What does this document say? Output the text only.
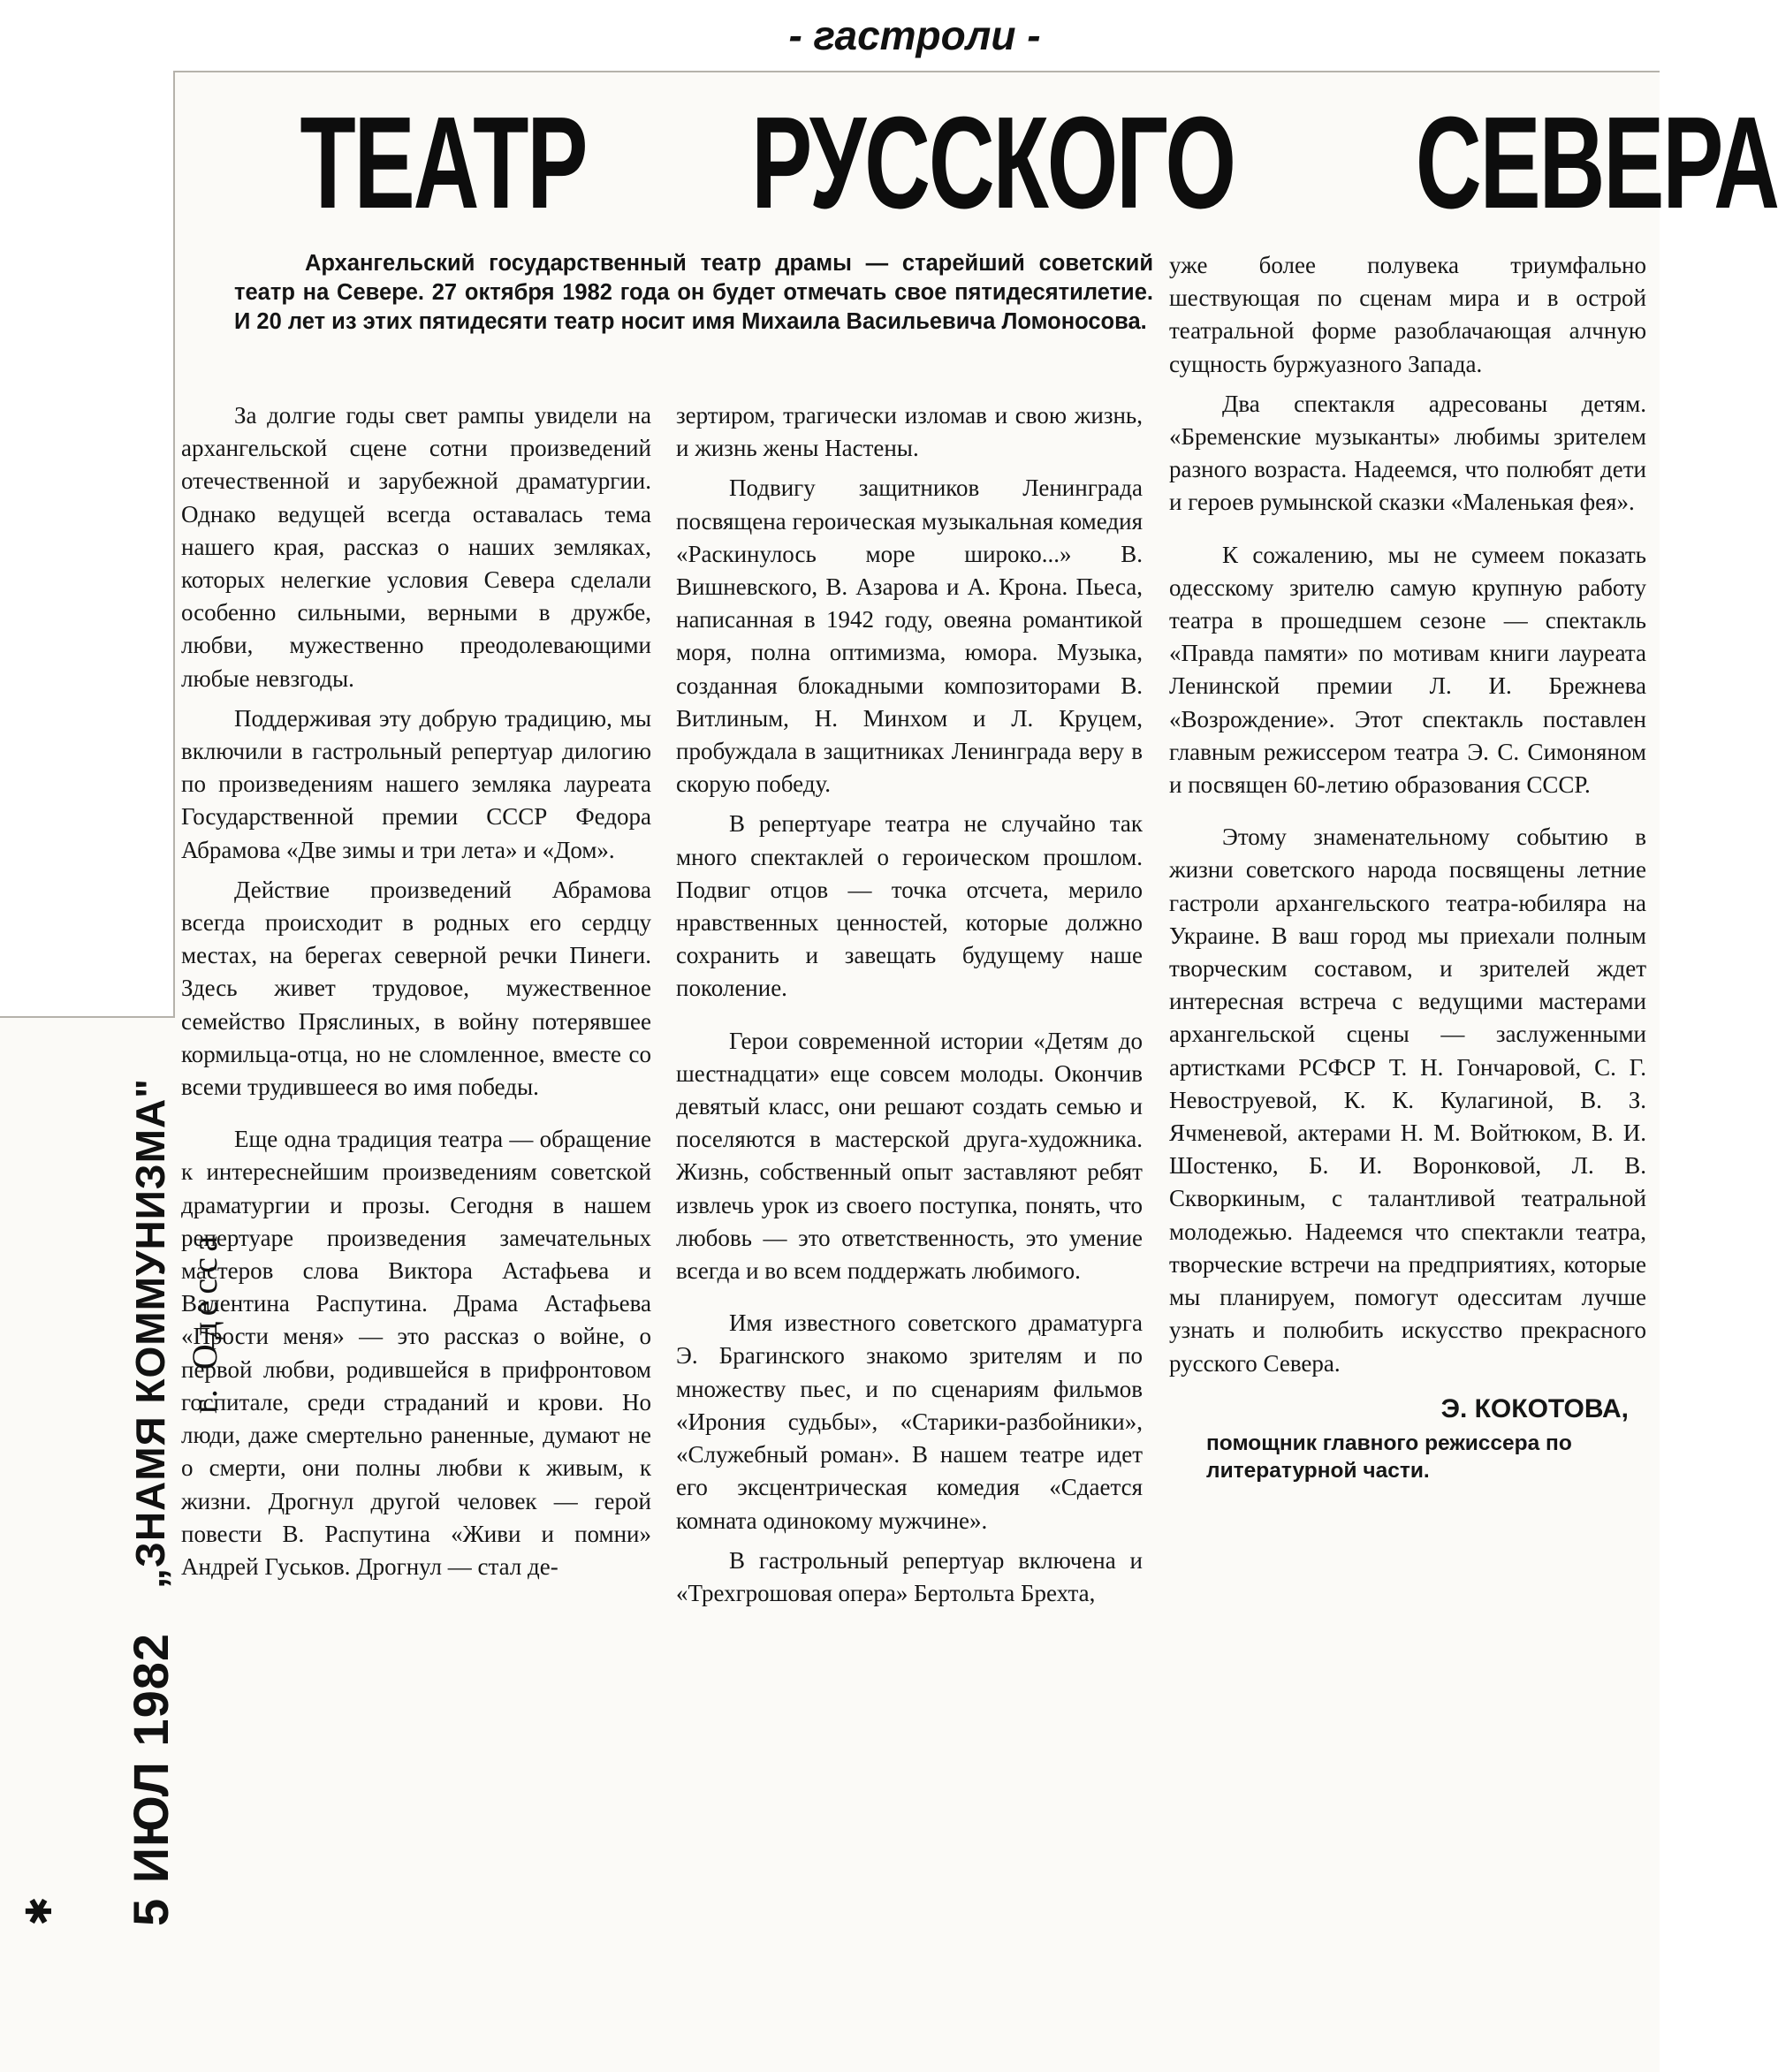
- гастроли -
ТЕАТР РУССКОГО СЕВЕРА
Архангельский государственный театр драмы — старейший советский театр на Севере. 27 октября 1982 года он будет отмечать свое пятидесятилетие. И 20 лет из этих пятидесяти театр носит имя Михаила Васильевича Ломоносова.

За долгие годы свет рампы увидели на архангельской сцене сотни произведений отечественной и зарубежной драматургии. Однако ведущей всегда оставалась тема нашего края, рассказ о наших земляках, которых нелегкие условия Севера сделали особенно сильными, верными в дружбе, любви, мужественно преодолевающими любые невзгоды.

Поддерживая эту добрую традицию, мы включили в гастрольный репертуар дилогию по произведениям нашего земляка лауреата Государственной премии СССР Федора Абрамова «Две зимы и три лета» и «Дом».

Действие произведений Абрамова всегда происходит в родных его сердцу местах, на берегах северной речки Пинеги. Здесь живет трудовое, мужественное семейство Пряслиных, в войну потерявшее кормильца-отца, но не сломленное, вместе со всеми трудившееся во имя победы.

Еще одна традиция театра — обращение к интереснейшим произведениям советской драматургии и прозы. Сегодня в нашем репертуаре произведения замечательных мастеров слова Виктора Астафьева и Валентина Распутина. Драма Астафьева «Прости меня» — это рассказ о войне, о первой любви, родившейся в прифронтовом госпитале, среди страданий и крови. Но люди, даже смертельно раненные, думают не о смерти, они полны любви к живым, к жизни. Дрогнул другой человек — герой повести В. Распутина «Живи и помни» Андрей Гуськов. Дрогнул — стал де-

зертиром, трагически изломав и свою жизнь, и жизнь жены Настены.

Подвигу защитников Ленинграда посвящена героическая музыкальная комедия «Раскинулось море широко...» В. Вишневского, В. Азарова и А. Крона. Пьеса, написанная в 1942 году, овеяна романтикой моря, полна оптимизма, юмора. Музыка, созданная блокадными композиторами В. Витлиным, Н. Минхом и Л. Круцем, пробуждала в защитниках Ленинграда веру в скорую победу.

В репертуаре театра не случайно так много спектаклей о героическом прошлом. Подвиг отцов — точка отсчета, мерило нравственных ценностей, которые должно сохранить и завещать будущему наше поколение.

Герои современной истории «Детям до шестнадцати» еще совсем молоды. Окончив девятый класс, они решают создать семью и поселяются в мастерской друга-художника. Жизнь, собственный опыт заставляют ребят извлечь урок из своего поступка, понять, что любовь — это ответственность, это умение всегда и во всем поддержать любимого.

Имя известного советского драматурга Э. Брагинского знакомо зрителям и по множеству пьес, и по сценариям фильмов «Ирония судьбы», «Старики-разбойники», «Служебный роман». В нашем театре идет его эксцентрическая комедия «Сдается комната одинокому мужчине».

В гастрольный репертуар включена и «Трехгрошовая опера» Бертольта Брехта,

уже более полувека триумфально шествующая по сценам мира и в острой театральной форме разоблачающая алчную сущность буржуазного Запада.

Два спектакля адресованы детям. «Бременские музыканты» любимы зрителем разного возраста. Надеемся, что полюбят дети и героев румынской сказки «Маленькая фея».

К сожалению, мы не сумеем показать одесскому зрителю самую крупную работу театра в прошедшем сезоне — спектакль «Правда памяти» по мотивам книги лауреата Ленинской премии Л. И. Брежнева «Возрождение». Этот спектакль поставлен главным режиссером театра Э. С. Симоняном и посвящен 60-летию образования СССР.

Этому знаменательному событию в жизни советского народа посвящены летние гастроли архангельского театра-юбиляра на Украине. В ваш город мы приехали полным творческим составом, и зрителей ждет интересная встреча с ведущими мастерами архангельской сцены — заслуженными артистками РСФСР Т. Н. Гончаровой, С. Г. Невоструевой, К. К. Кулагиной, В. З. Ячменевой, актерами Н. М. Войтюком, В. И. Шостенко, Б. И. Воронковой, Л. В. Скворкиным, с талантливой театральной молодежью. Надеемся что спектакли театра, творческие встречи на предприятиях, которые мы планируем, помогут одесситам лучше узнать и полюбить искусство прекрасного русского Севера.

Э. КОКОТОВА,
помощник главного режиссера по литературной части.
✱ 5 ИЮЛ 1982
„ЗНАМЯ КОММУНИЗМА" г. Одесса
